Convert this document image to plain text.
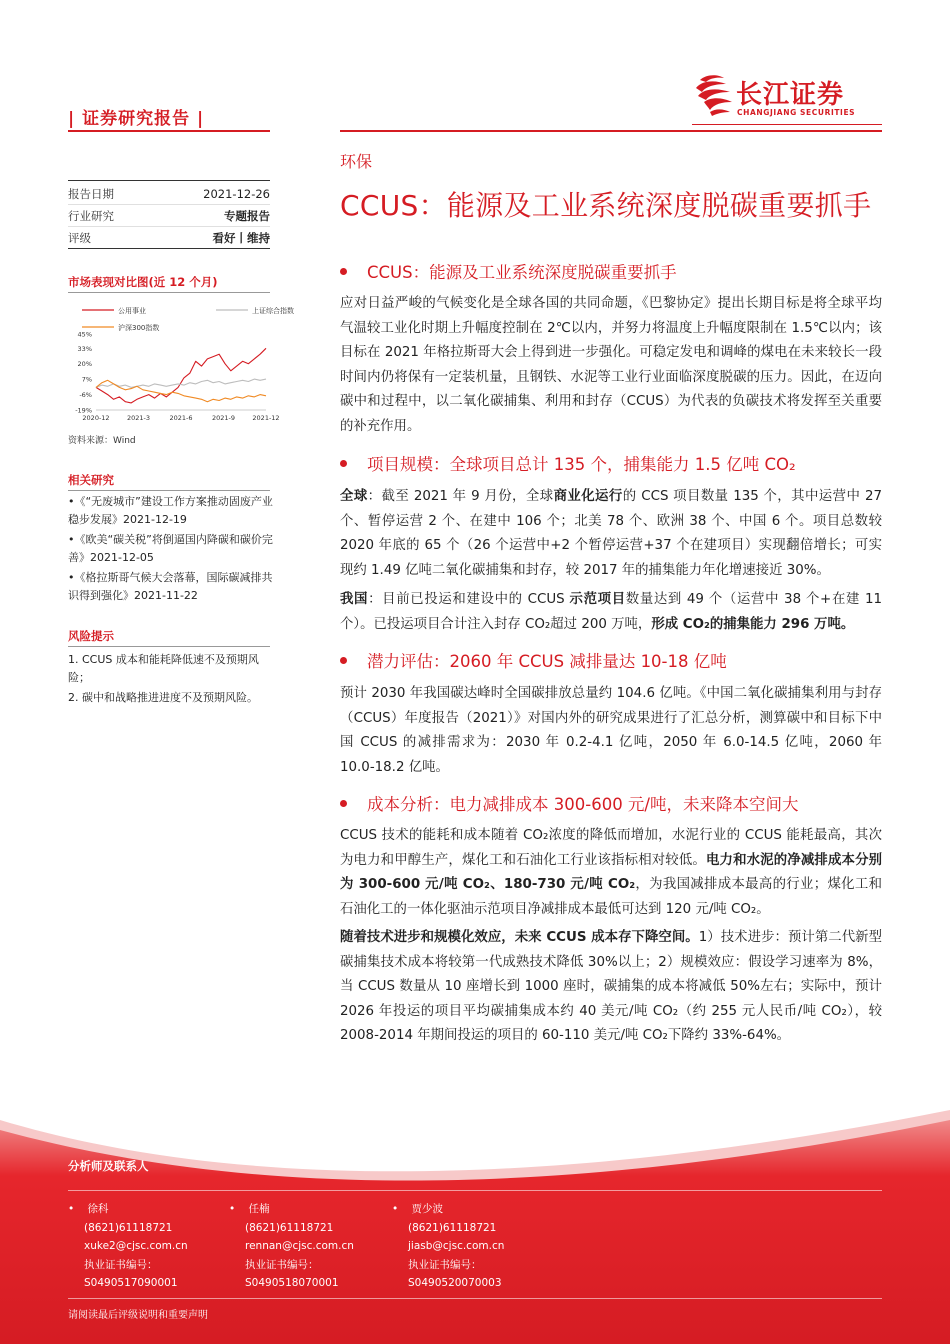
长江证券
CHANGJIANG SECURITIES
| 证券研究报告 |
环保
CCUS：能源及工业系统深度脱碳重要抓手
报告日期	2021-12-26
行业研究	专题报告
评级	看好丨维持
市场表现对比图(近 12 个月)
公用事业	上证综合指数
沪深300指数
45%
33%
20%
7%
-6%
-19%
2020-12	2021-3	2021-6	2021-9	2021-12
资料来源：Wind
相关研究
•《“无废城市”建设工作方案推动固废产业稳步发展》2021-12-19
•《欧美“碳关税”将倒逼国内降碳和碳价完善》2021-12-05
•《格拉斯哥气候大会落幕，国际碳减排共识得到强化》2021-11-22
风险提示
1. CCUS 成本和能耗降低速不及预期风险；
2. 碳中和战略推进进度不及预期风险。
CCUS：能源及工业系统深度脱碳重要抓手
应对日益严峻的气候变化是全球各国的共同命题，《巴黎协定》提出长期目标是将全球平均气温较工业化时期上升幅度控制在 2℃以内，并努力将温度上升幅度限制在 1.5℃以内；该目标在 2021 年格拉斯哥大会上得到进一步强化。可稳定发电和调峰的煤电在未来较长一段时间内仍将保有一定装机量，且钢铁、水泥等工业行业面临深度脱碳的压力。因此，在迈向碳中和过程中，以二氧化碳捕集、利用和封存（CCUS）为代表的负碳技术将发挥至关重要的补充作用。
项目规模：全球项目总计 135 个，捕集能力 1.5 亿吨 CO₂
全球：截至 2021 年 9 月份，全球商业化运行的 CCS 项目数量 135 个，其中运营中 27 个、暂停运营 2 个、在建中 106 个；北美 78 个、欧洲 38 个、中国 6 个。项目总数较 2020 年底的 65 个（26 个运营中+2 个暂停运营+37 个在建项目）实现翻倍增长；可实现约 1.49 亿吨二氧化碳捕集和封存，较 2017 年的捕集能力年化增速接近 30%。
我国：目前已投运和建设中的 CCUS 示范项目数量达到 49 个（运营中 38 个+在建 11 个）。已投运项目合计注入封存 CO₂超过 200 万吨，形成 CO₂的捕集能力 296 万吨。
潜力评估：2060 年 CCUS 减排量达 10-18 亿吨
预计 2030 年我国碳达峰时全国碳排放总量约 104.6 亿吨。《中国二氧化碳捕集利用与封存（CCUS）年度报告（2021）》对国内外的研究成果进行了汇总分析，测算碳中和目标下中国 CCUS 的减排需求为：2030 年 0.2-4.1 亿吨，2050 年 6.0-14.5 亿吨，2060 年 10.0-18.2 亿吨。
成本分析：电力减排成本 300-600 元/吨，未来降本空间大
CCUS 技术的能耗和成本随着 CO₂浓度的降低而增加，水泥行业的 CCUS 能耗最高，其次为电力和甲醇生产，煤化工和石油化工行业该指标相对较低。电力和水泥的净减排成本分别为 300-600 元/吨 CO₂、180-730 元/吨 CO₂，为我国减排成本最高的行业；煤化工和石油化工的一体化驱油示范项目净减排成本最低可达到 120 元/吨 CO₂。
随着技术进步和规模化效应，未来 CCUS 成本存下降空间。1）技术进步：预计第二代新型碳捕集技术成本将较第一代成熟技术降低 30%以上；2）规模效应：假设学习速率为 8%，当 CCUS 数量从 10 座增长到 1000 座时，碳捕集的成本将减低 50%左右；实际中，预计 2026 年投运的项目平均碳捕集成本约 40 美元/吨 CO₂（约 255 元人民币/吨 CO₂），较 2008-2014 年期间投运的项目的 60-110 美元/吨 CO₂下降约 33%-64%。
分析师及联系人
•    徐科
(8621)61118721
xuke2@cjsc.com.cn
执业证书编号：
S0490517090001
•    任楠
(8621)61118721
rennan@cjsc.com.cn
执业证书编号：
S0490518070001
•    贾少波
(8621)61118721
jiasb@cjsc.com.cn
执业证书编号：
S0490520070003
请阅读最后评级说明和重要声明
